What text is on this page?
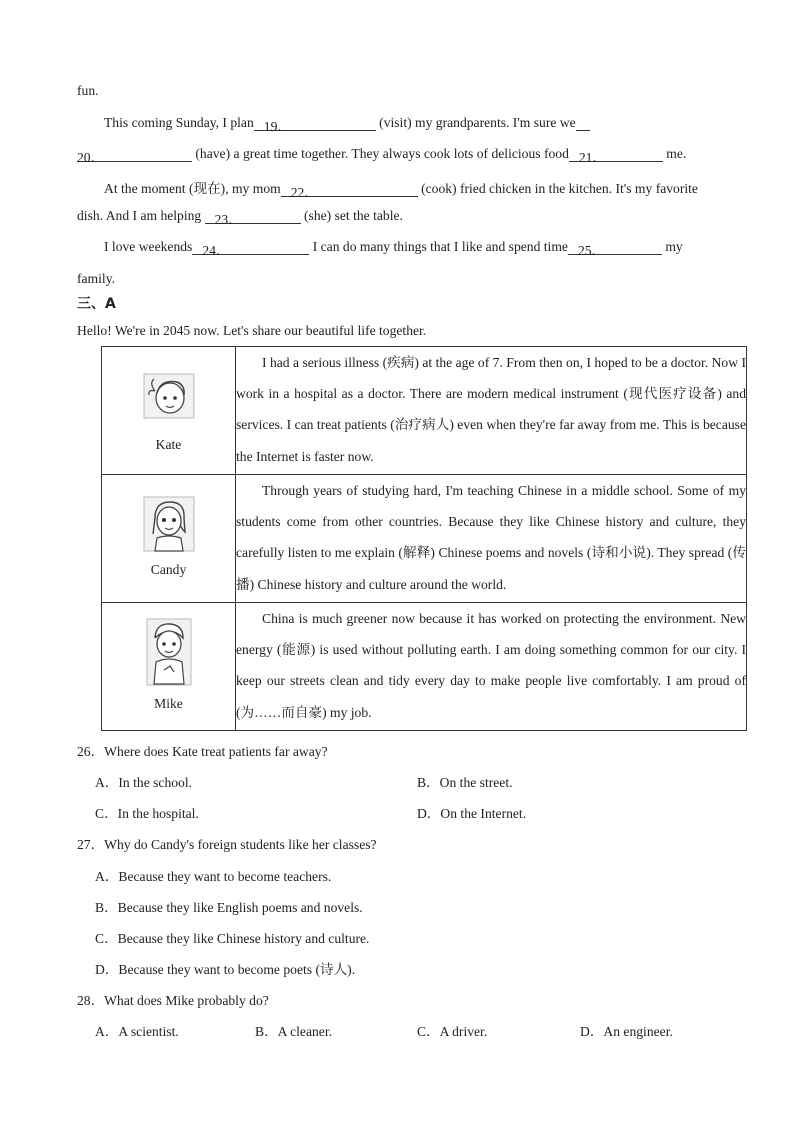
fun.
This coming Sunday, I plan 19．	(visit) my grandparents. I'm sure we
20．	(have) a great time together. They always cook lots of delicious food 21．	me.
At the moment (现在), my mom 22．	(cook) fried chicken in the kitchen. It's my favorite
dish. And I am helping 23．	(she) set the table.
I love weekends 24．	I can do many things that I like and spend time 25．	my
family.
三、A
Hello! We're in 2045 now. Let's share our beautiful life together.
Kate	I had a serious illness (疾病) at the age of 7. From then on, I hoped to be a doctor. Now I work in a hospital as a doctor. There are modern medical instrument (现代医疗设备) and services. I can treat patients (治疗病人) even when they're far away from me. This is because the Internet is faster now.

Candy	Through years of studying hard, I'm teaching Chinese in a middle school. Some of my students come from other countries. Because they like Chinese history and culture, they carefully listen to me explain (解释) Chinese poems and novels (诗和小说). They spread (传播) Chinese history and culture around the world.

Mike	China is much greener now because it has worked on protecting the environment. New energy (能源) is used without polluting earth. I am doing something common for our city. I keep our streets clean and tidy every day to make people live comfortably. I am proud of (为……而自豪) my job.
26．Where does Kate treat patients far away?
A．In the school.	B．On the street.
C．In the hospital.	D．On the Internet.
27．Why do Candy's foreign students like her classes?
A．Because they want to become teachers.
B．Because they like English poems and novels.
C．Because they like Chinese history and culture.
D．Because they want to become poets (诗人).
28．What does Mike probably do?
A．A scientist.	B．A cleaner.	C．A driver.	D．An engineer.
